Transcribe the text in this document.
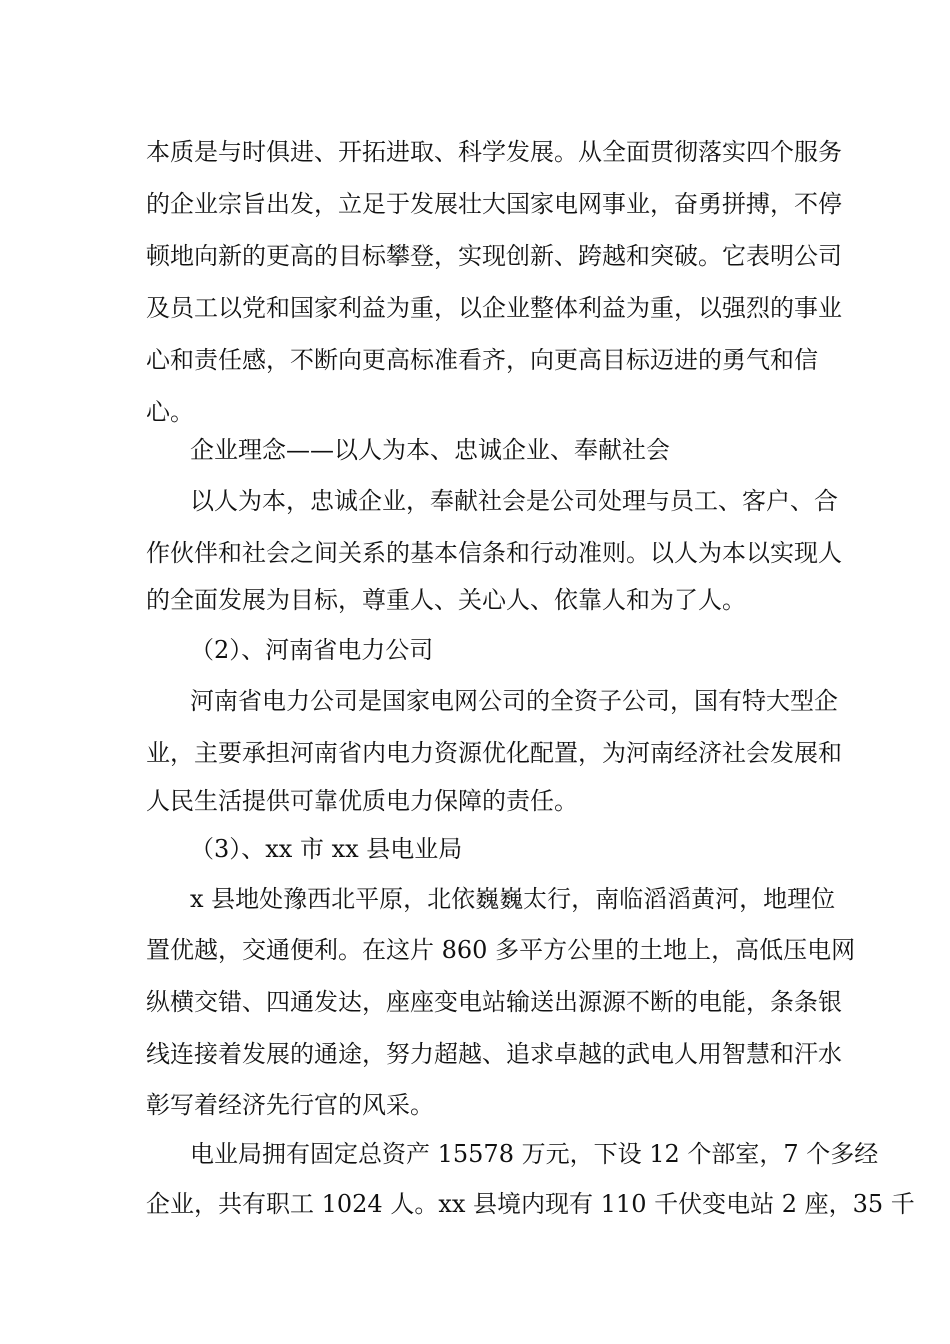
本质是与时俱进、开拓进取、科学发展。从全面贯彻落实四个服务
的企业宗旨出发，立足于发展壮大国家电网事业，奋勇拼搏，不停
顿地向新的更高的目标攀登，实现创新、跨越和突破。它表明公司
及员工以党和国家利益为重，以企业整体利益为重，以强烈的事业
心和责任感，不断向更高标准看齐，向更高目标迈进的勇气和信
心。
企业理念——以人为本、忠诚企业、奉献社会
以人为本，忠诚企业，奉献社会是公司处理与员工、客户、合
作伙伴和社会之间关系的基本信条和行动准则。以人为本以实现人
的全面发展为目标，尊重人、关心人、依靠人和为了人。
（2）、河南省电力公司
河南省电力公司是国家电网公司的全资子公司，国有特大型企
业，主要承担河南省内电力资源优化配置，为河南经济社会发展和
人民生活提供可靠优质电力保障的责任。
（3）、xx 市 xx 县电业局
x 县地处豫西北平原，北依巍巍太行，南临滔滔黄河，地理位
置优越，交通便利。在这片 860 多平方公里的土地上，高低压电网
纵横交错、四通发达，座座变电站输送出源源不断的电能，条条银
线连接着发展的通途，努力超越、追求卓越的武电人用智慧和汗水
彰写着经济先行官的风采。
电业局拥有固定总资产 15578 万元，下设 12 个部室，7 个多经
企业，共有职工 1024 人。xx 县境内现有 110 千伏变电站 2 座，35 千
